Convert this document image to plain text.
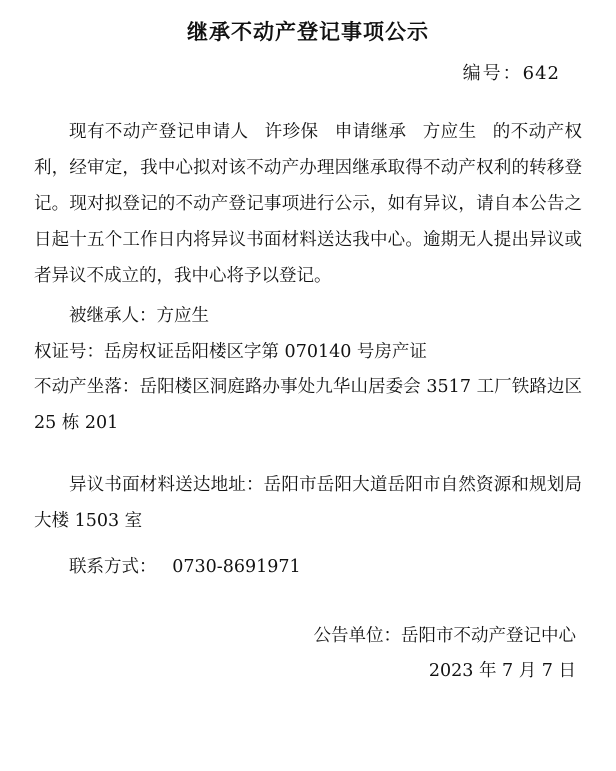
继承不动产登记事项公示
编号：642

现有不动产登记申请人 许珍保 申请继承 方应生 的不动产权利，经审定，我中心拟对该不动产办理因继承取得不动产权利的转移登记。现对拟登记的不动产登记事项进行公示，如有异议，请自本公告之日起十五个工作日内将异议书面材料送达我中心。逾期无人提出异议或者异议不成立的，我中心将予以登记。

被继承人：方应生
权证号：岳房权证岳阳楼区字第 070140 号房产证
不动产坐落：岳阳楼区洞庭路办事处九华山居委会 3517 工厂铁路边区 25 栋 201
异议书面材料送达地址：岳阳市岳阳大道岳阳市自然资源和规划局大楼 1503 室
联系方式： 0730-8691971
公告单位：岳阳市不动产登记中心
2023 年 7 月 7 日
